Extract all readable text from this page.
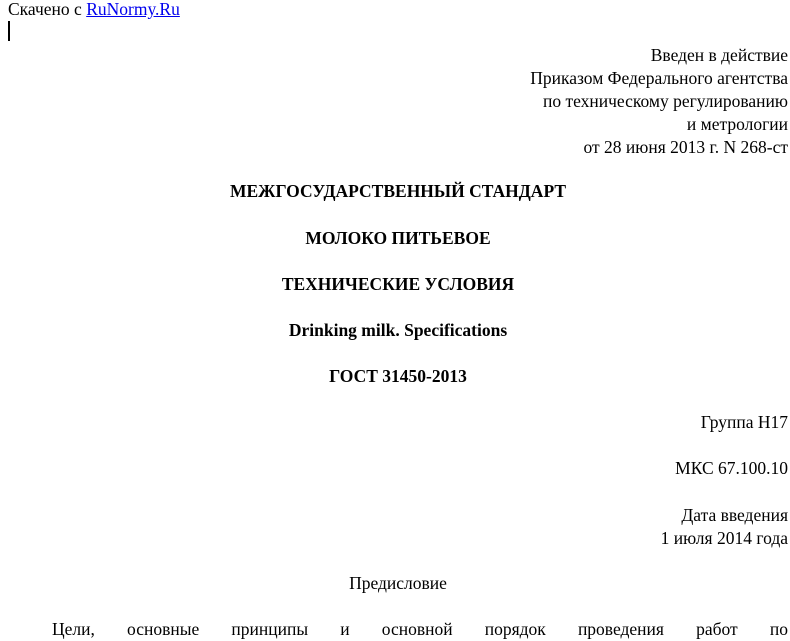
Скачено с RuNormy.Ru
Введен в действие
Приказом Федерального агентства
по техническому регулированию
и метрологии
от 28 июня 2013 г. N 268-ст
МЕЖГОСУДАРСТВЕННЫЙ СТАНДАРТ
МОЛОКО ПИТЬЕВОЕ
ТЕХНИЧЕСКИЕ УСЛОВИЯ
Drinking milk. Specifications
ГОСТ 31450-2013
Группа Н17
МКС 67.100.10
Дата введения
1 июля 2014 года
Предисловие
Цели, основные принципы и основной порядок проведения работ по
